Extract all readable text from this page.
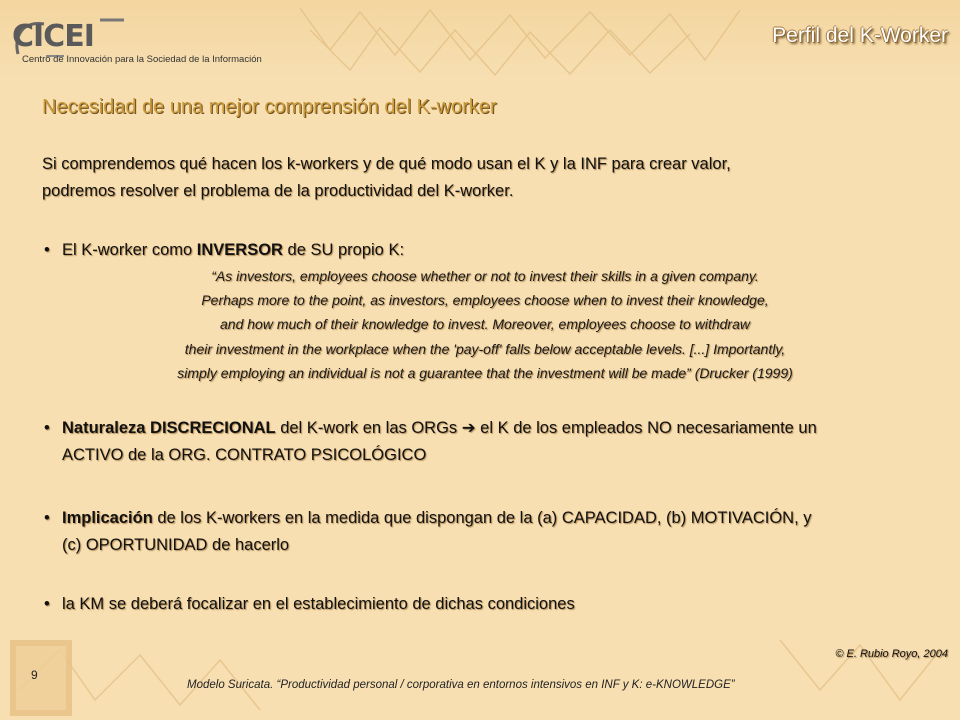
CICEI
Centro de Innovación para la Sociedad de la Información
Perfil del K-Worker
Necesidad de una mejor comprensión del K-worker
Si comprendemos qué hacen los k-workers y de qué modo usan el K y la INF para crear valor,
podremos resolver el problema de la productividad del K-worker.
• El K-worker como INVERSOR de SU propio K:
“As investors, employees choose whether or not to invest their skills in a given company.
Perhaps more to the point, as investors, employees choose when to invest their knowledge,
and how much of their knowledge to invest. Moreover, employees choose to withdraw
their investment in the workplace when the 'pay-off' falls below acceptable levels. [...] Importantly,
simply employing an individual is not a guarantee that the investment will be made” (Drucker (1999)
• Naturaleza DISCRECIONAL del K-work en las ORGs ➔ el K de los empleados NO necesariamente un
ACTIVO de la ORG. CONTRATO PSICOLÓGICO
• Implicación de los K-workers en la medida que dispongan de la (a) CAPACIDAD, (b) MOTIVACIÓN, y
(c) OPORTUNIDAD de hacerlo
• la KM se deberá focalizar en el establecimiento de dichas condiciones
© E. Rubio Royo, 2004
9
Modelo Suricata. “Productividad personal / corporativa en entornos intensivos en INF y K: e-KNOWLEDGE”
